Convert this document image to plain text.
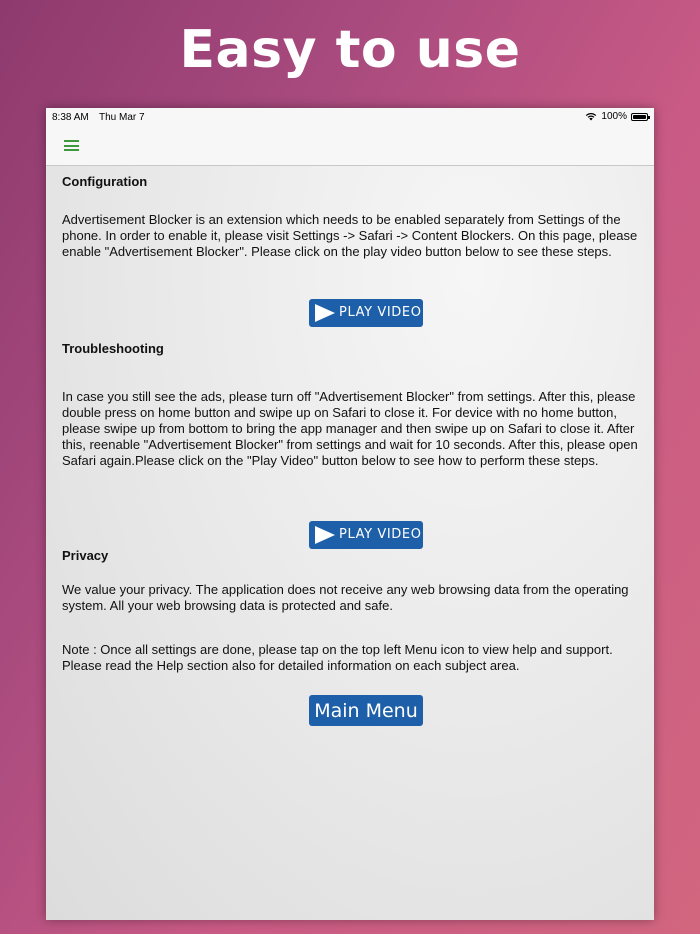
Easy to use
8:38 AM Thu Mar 7	100%
Configuration
Advertisement Blocker is an extension which needs to be enabled separately from Settings of the phone. In order to enable it, please visit Settings -> Safari -> Content Blockers. On this page, please enable "Advertisement Blocker". Please click on the play video button below to see these steps.
PLAY VIDEO
Troubleshooting
In case you still see the ads, please turn off "Advertisement Blocker" from settings. After this, please double press on home button and swipe up on Safari to close it. For device with no home button, please swipe up from bottom to bring the app manager and then swipe up on Safari to close it. After this, reenable "Advertisement Blocker" from settings and wait for 10 seconds. After this, please open Safari again.Please click on the "Play Video" button below to see how to perform these steps.
PLAY VIDEO
Privacy
We value your privacy. The application does not receive any web browsing data from the operating system. All your web browsing data is protected and safe.
Note : Once all settings are done, please tap on the top left Menu icon to view help and support. Please read the Help section also for detailed information on each subject area.
Main Menu
